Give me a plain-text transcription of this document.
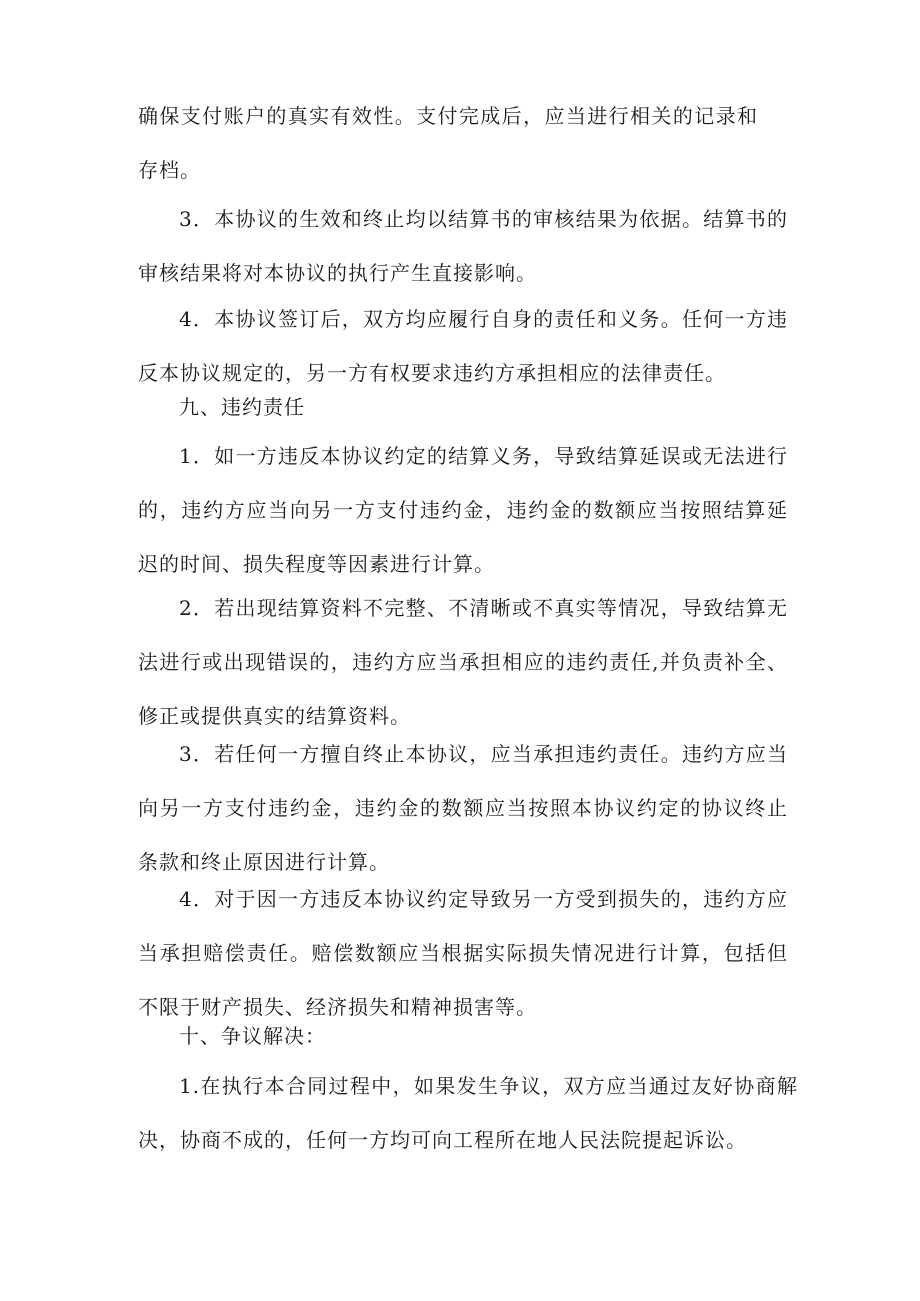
确保支付账户的真实有效性。支付完成后，应当进行相关的记录和存档。

3．本协议的生效和终止均以结算书的审核结果为依据。结算书的审核结果将对本协议的执行产生直接影响。

4．本协议签订后，双方均应履行自身的责任和义务。任何一方违反本协议规定的，另一方有权要求违约方承担相应的法律责任。

九、违约责任

1．如一方违反本协议约定的结算义务，导致结算延误或无法进行的，违约方应当向另一方支付违约金，违约金的数额应当按照结算延迟的时间、损失程度等因素进行计算。

2．若出现结算资料不完整、不清晰或不真实等情况，导致结算无法进行或出现错误的，违约方应当承担相应的违约责任,并负责补全、修正或提供真实的结算资料。

3．若任何一方擅自终止本协议，应当承担违约责任。违约方应当向另一方支付违约金，违约金的数额应当按照本协议约定的协议终止条款和终止原因进行计算。

4．对于因一方违反本协议约定导致另一方受到损失的，违约方应当承担赔偿责任。赔偿数额应当根据实际损失情况进行计算，包括但不限于财产损失、经济损失和精神损害等。

十、争议解决：

1.在执行本合同过程中，如果发生争议，双方应当通过友好协商解决，协商不成的，任何一方均可向工程所在地人民法院提起诉讼。
